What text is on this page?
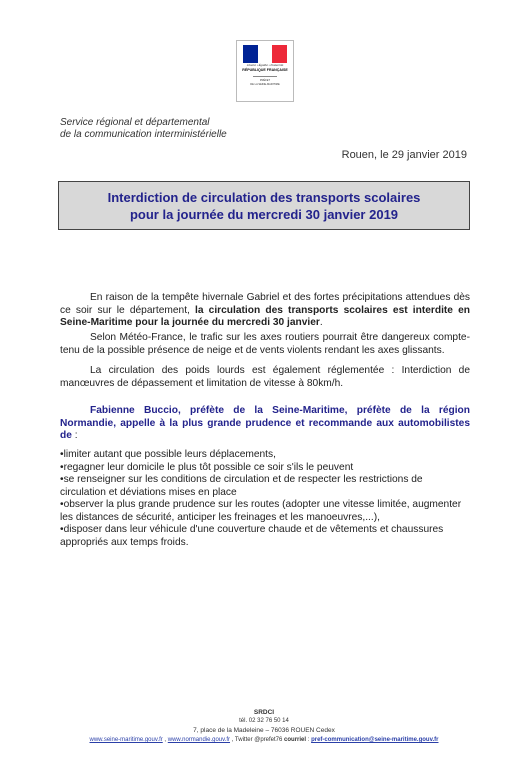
Liberté • Égalité • Fraternité
RÉPUBLIQUE FRANÇAISE
PRÉFET
DE LA SEINE-MARITIME
Service régional et départemental
de la communication interministérielle
Rouen, le 29 janvier 2019
Interdiction de circulation des transports scolaires
pour la journée du mercredi 30 janvier 2019
En raison de la tempête hivernale Gabriel et des fortes précipitations attendues dès ce soir sur le département, la circulation des transports scolaires est interdite en Seine-Maritime pour la journée du mercredi 30 janvier.
Selon Météo-France, le trafic sur les axes routiers pourrait être dangereux compte-tenu de la possible présence de neige et de vents violents rendant les axes glissants.
La circulation des poids lourds est également réglementée : Interdiction de manœuvres de dépassement et limitation de vitesse à 80km/h.
Fabienne Buccio, préfète de la Seine-Maritime, préfète de la région Normandie, appelle à la plus grande prudence et recommande aux automobilistes de :
• limiter autant que possible leurs déplacements,
• regagner leur domicile le plus tôt possible ce soir s'ils le peuvent
• se renseigner sur les conditions de circulation et de respecter les restrictions de circulation et déviations mises en place
• observer la plus grande prudence sur les routes (adopter une vitesse limitée, augmenter les distances de sécurité, anticiper les freinages et les manoeuvres,...),
• disposer dans leur véhicule d'une couverture chaude et de vêtements et chaussures appropriés aux temps froids.
SRDCI
tél. 02 32 76 50 14
7, place de la Madeleine – 76036 ROUEN Cedex
www.seine-maritime.gouv.fr , www.normandie.gouv.fr , Twitter @prefet76 courriel : pref-communication@seine-maritime.gouv.fr
